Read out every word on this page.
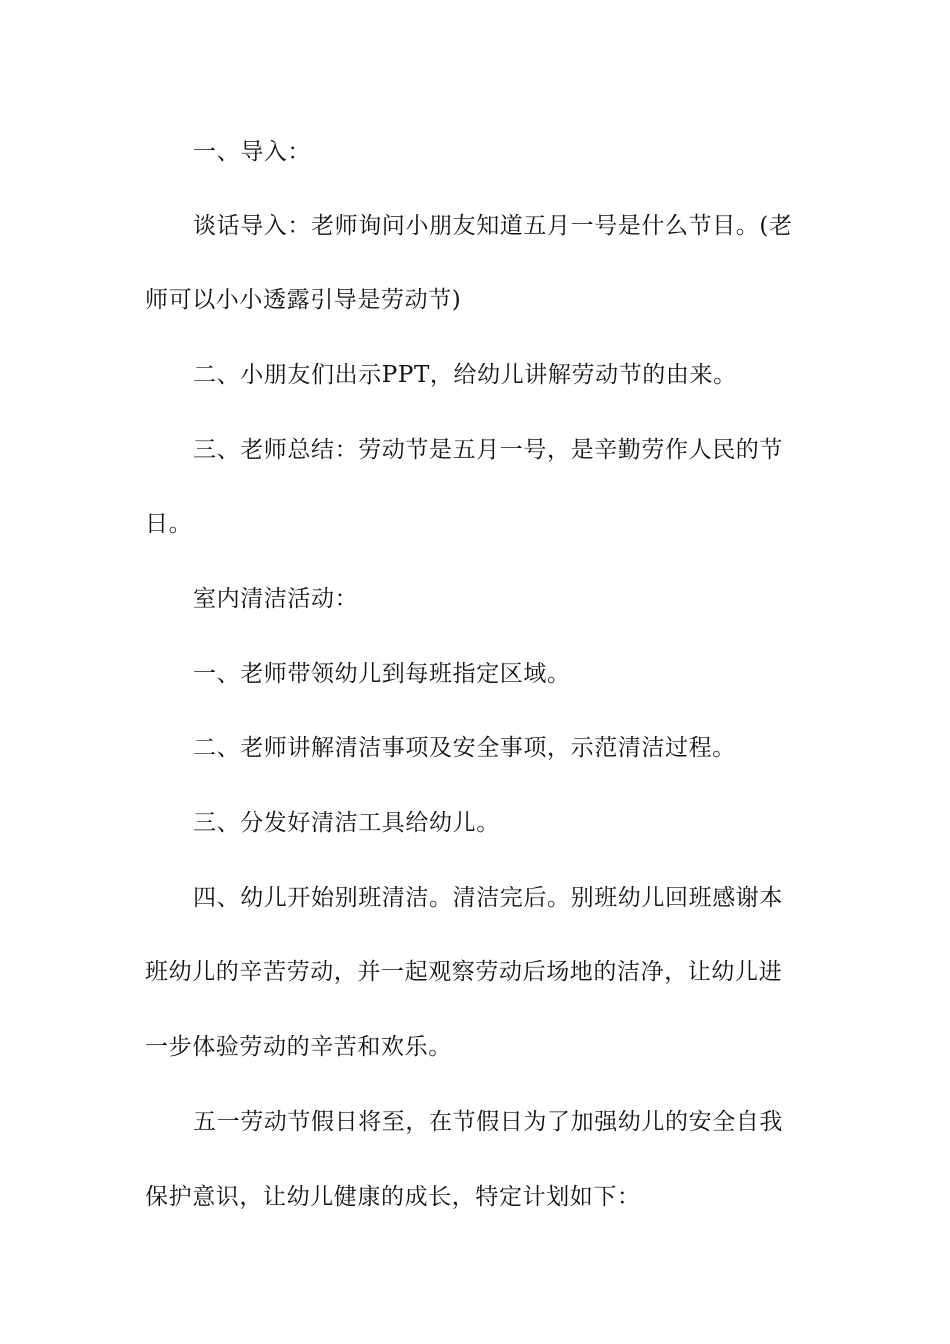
一、导入：

谈话导入：老师询问小朋友知道五月一号是什么节目。(老

师可以小小透露引导是劳动节)

二、小朋友们出示PPT，给幼儿讲解劳动节的由来。

三、老师总结：劳动节是五月一号，是辛勤劳作人民的节

日。

室内清洁活动：

一、老师带领幼儿到每班指定区域。

二、老师讲解清洁事项及安全事项，示范清洁过程。

三、分发好清洁工具给幼儿。

四、幼儿开始别班清洁。清洁完后。别班幼儿回班感谢本

班幼儿的辛苦劳动，并一起观察劳动后场地的洁净，让幼儿进

一步体验劳动的辛苦和欢乐。

五一劳动节假日将至，在节假日为了加强幼儿的安全自我

保护意识，让幼儿健康的成长，特定计划如下：
